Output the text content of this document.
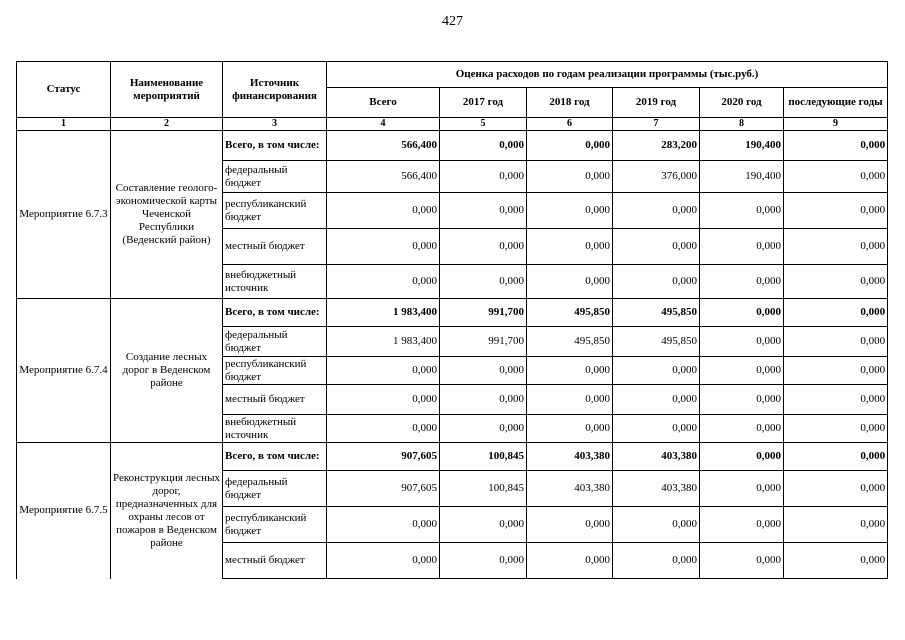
427
Статус	Наименование мероприятий	Источник финансирования	Оценка расходов по годам реализации программы (тыс.руб.)					
			Всего	2017 год	2018 год	2019 год	2020 год	последующие годы
1	2	3	4	5	6	7	8	9
Мероприятие 6.7.3	Составление геолого-экономической карты Чеченской Республики (Веденский район)	Всего, в том числе:	566,400	0,000	0,000	283,200	190,400	0,000
		федеральный бюджет	566,400	0,000	0,000	376,000	190,400	0,000
		республиканский бюджет	0,000	0,000	0,000	0,000	0,000	0,000
		местный бюджет	0,000	0,000	0,000	0,000	0,000	0,000
		внебюджетный источник	0,000	0,000	0,000	0,000	0,000	0,000
Мероприятие 6.7.4	Создание лесных дорог в Веденском районе	Всего, в том числе:	1 983,400	991,700	495,850	495,850	0,000	0,000
		федеральный бюджет	1 983,400	991,700	495,850	495,850	0,000	0,000
		республиканский бюджет	0,000	0,000	0,000	0,000	0,000	0,000
		местный бюджет	0,000	0,000	0,000	0,000	0,000	0,000
		внебюджетный источник	0,000	0,000	0,000	0,000	0,000	0,000
Мероприятие 6.7.5	Реконструкция лесных дорог, предназначенных для охраны лесов от пожаров в Веденском районе	Всего, в том числе:	907,605	100,845	403,380	403,380	0,000	0,000
		федеральный бюджет	907,605	100,845	403,380	403,380	0,000	0,000
		республиканский бюджет	0,000	0,000	0,000	0,000	0,000	0,000
		местный бюджет	0,000	0,000	0,000	0,000	0,000	0,000
